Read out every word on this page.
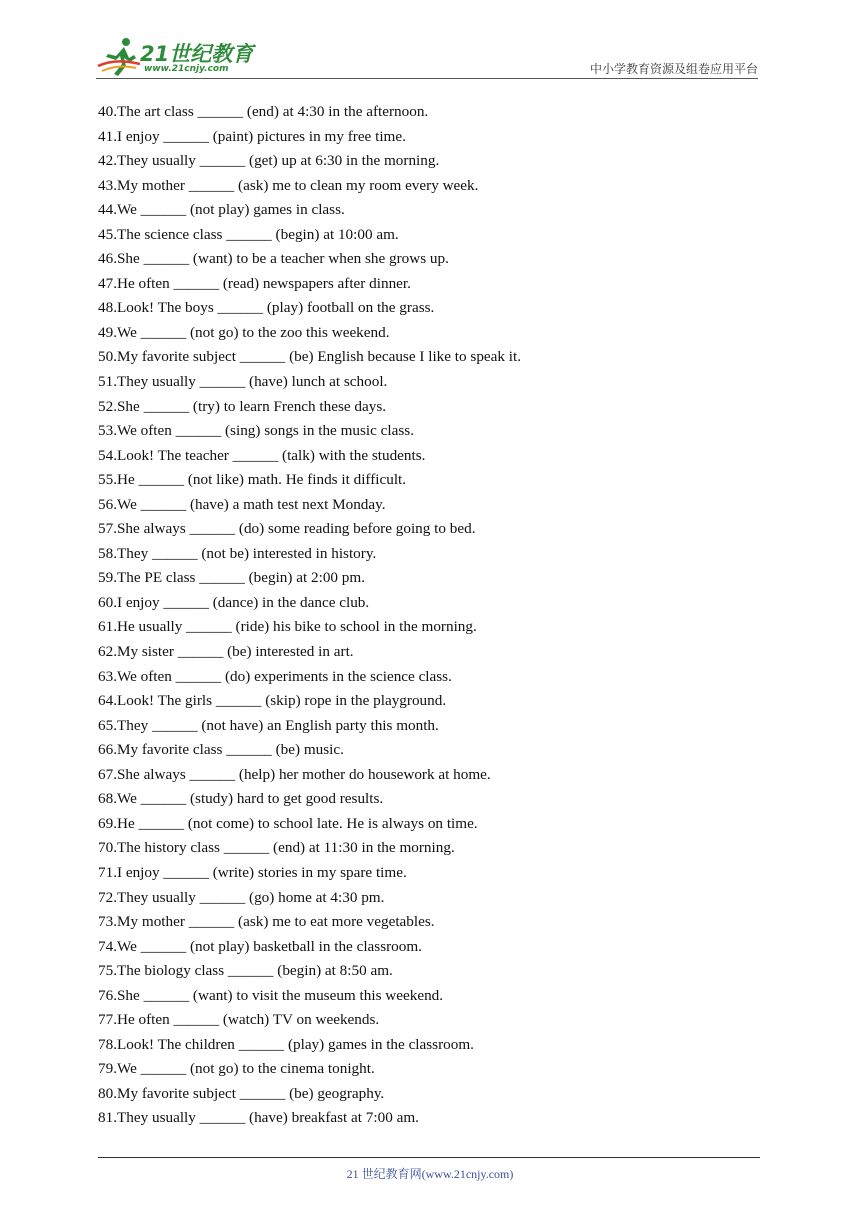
21世纪教育
www.21cnjy.com	中小学教育资源及组卷应用平台
40.The art class ______ (end) at 4:30 in the afternoon.
41.I enjoy ______ (paint) pictures in my free time.
42.They usually ______ (get) up at 6:30 in the morning.
43.My mother ______ (ask) me to clean my room every week.
44.We ______ (not play) games in class.
45.The science class ______ (begin) at 10:00 am.
46.She ______ (want) to be a teacher when she grows up.
47.He often ______ (read) newspapers after dinner.
48.Look! The boys ______ (play) football on the grass.
49.We ______ (not go) to the zoo this weekend.
50.My favorite subject ______ (be) English because I like to speak it.
51.They usually ______ (have) lunch at school.
52.She ______ (try) to learn French these days.
53.We often ______ (sing) songs in the music class.
54.Look! The teacher ______ (talk) with the students.
55.He ______ (not like) math. He finds it difficult.
56.We ______ (have) a math test next Monday.
57.She always ______ (do) some reading before going to bed.
58.They ______ (not be) interested in history.
59.The PE class ______ (begin) at 2:00 pm.
60.I enjoy ______ (dance) in the dance club.
61.He usually ______ (ride) his bike to school in the morning.
62.My sister ______ (be) interested in art.
63.We often ______ (do) experiments in the science class.
64.Look! The girls ______ (skip) rope in the playground.
65.They ______ (not have) an English party this month.
66.My favorite class ______ (be) music.
67.She always ______ (help) her mother do housework at home.
68.We ______ (study) hard to get good results.
69.He ______ (not come) to school late. He is always on time.
70.The history class ______ (end) at 11:30 in the morning.
71.I enjoy ______ (write) stories in my spare time.
72.They usually ______ (go) home at 4:30 pm.
73.My mother ______ (ask) me to eat more vegetables.
74.We ______ (not play) basketball in the classroom.
75.The biology class ______ (begin) at 8:50 am.
76.She ______ (want) to visit the museum this weekend.
77.He often ______ (watch) TV on weekends.
78.Look! The children ______ (play) games in the classroom.
79.We ______ (not go) to the cinema tonight.
80.My favorite subject ______ (be) geography.
81.They usually ______ (have) breakfast at 7:00 am.
21 世纪教育网(www.21cnjy.com)
